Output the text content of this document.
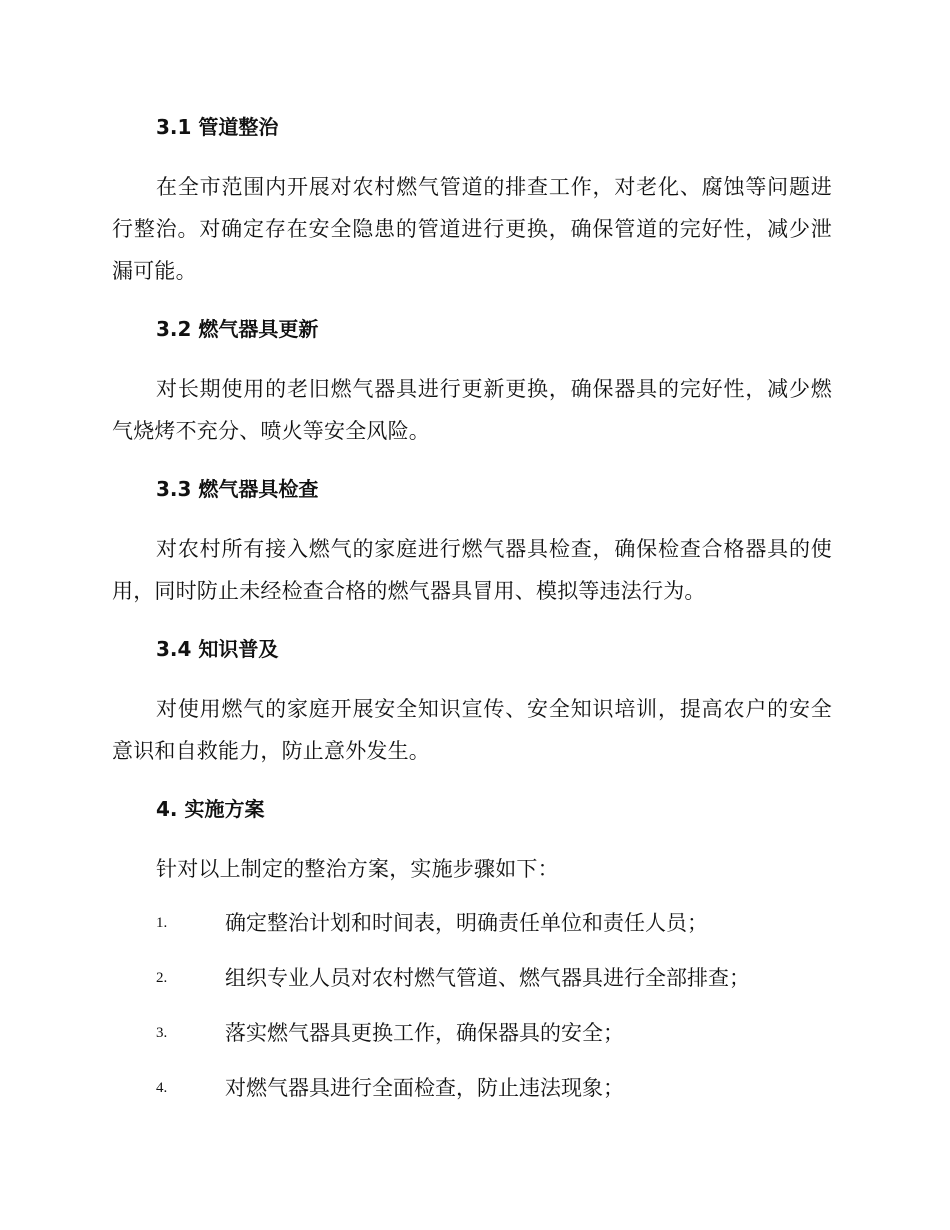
3.1 管道整治

在全市范围内开展对农村燃气管道的排查工作，对老化、腐蚀等问题进行整治。对确定存在安全隐患的管道进行更换，确保管道的完好性，减少泄漏可能。

3.2 燃气器具更新

对长期使用的老旧燃气器具进行更新更换，确保器具的完好性，减少燃气烧烤不充分、喷火等安全风险。

3.3 燃气器具检查

对农村所有接入燃气的家庭进行燃气器具检查，确保检查合格器具的使用，同时防止未经检查合格的燃气器具冒用、模拟等违法行为。

3.4 知识普及

对使用燃气的家庭开展安全知识宣传、安全知识培训，提高农户的安全意识和自救能力，防止意外发生。

4. 实施方案

针对以上制定的整治方案，实施步骤如下：

1.	确定整治计划和时间表，明确责任单位和责任人员；
2.	组织专业人员对农村燃气管道、燃气器具进行全部排查；
3.	落实燃气器具更换工作，确保器具的安全；
4.	对燃气器具进行全面检查，防止违法现象；
